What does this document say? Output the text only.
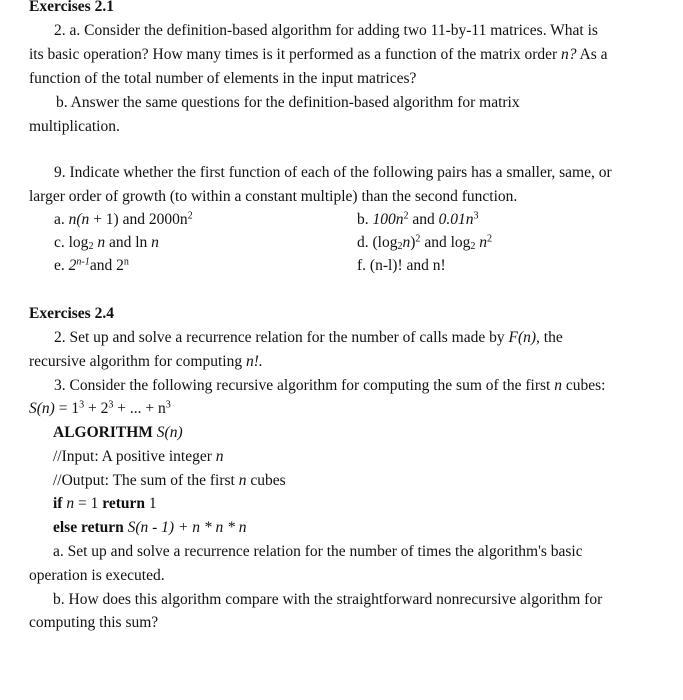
Exercises 2.1
2. a. Consider the definition-based algorithm for adding two 11-by-11 matrices. What is
its basic operation? How many times is it performed as a function of the matrix order n? As a
function of the total number of elements in the input matrices?
b. Answer the same questions for the definition-based algorithm for matrix
multiplication.
9. Indicate whether the first function of each of the following pairs has a smaller, same, or
larger order of growth (to within a constant multiple) than the second function.
a. n(n + 1) and $2000n^2$	b. $100n^2$ and $0.01n^3$
c. $\log_2 n$ and ln n	d. $(\log_2n)^2$ and $\log_2 n^2$
e. 2$^{n-1}$and 2$^n$	f. (n-l)! and n!
Exercises 2.4
2. Set up and solve a recurrence relation for the number of calls made by F(n), the
recursive algorithm for computing n!.
3. Consider the following recursive algorithm for computing the sum of the first n cubes:
$S(n) = 1^3 + 2^3$ + ... + $n^3$
ALGORITHM S(n)
//Input: A positive integer n
//Output: The sum of the first n cubes
if n = 1 return 1
else return S(n - 1) + n * n * n
a. Set up and solve a recurrence relation for the number of times the algorithm's basic
operation is executed.
b. How does this algorithm compare with the straightforward nonrecursive algorithm for
computing this sum?
